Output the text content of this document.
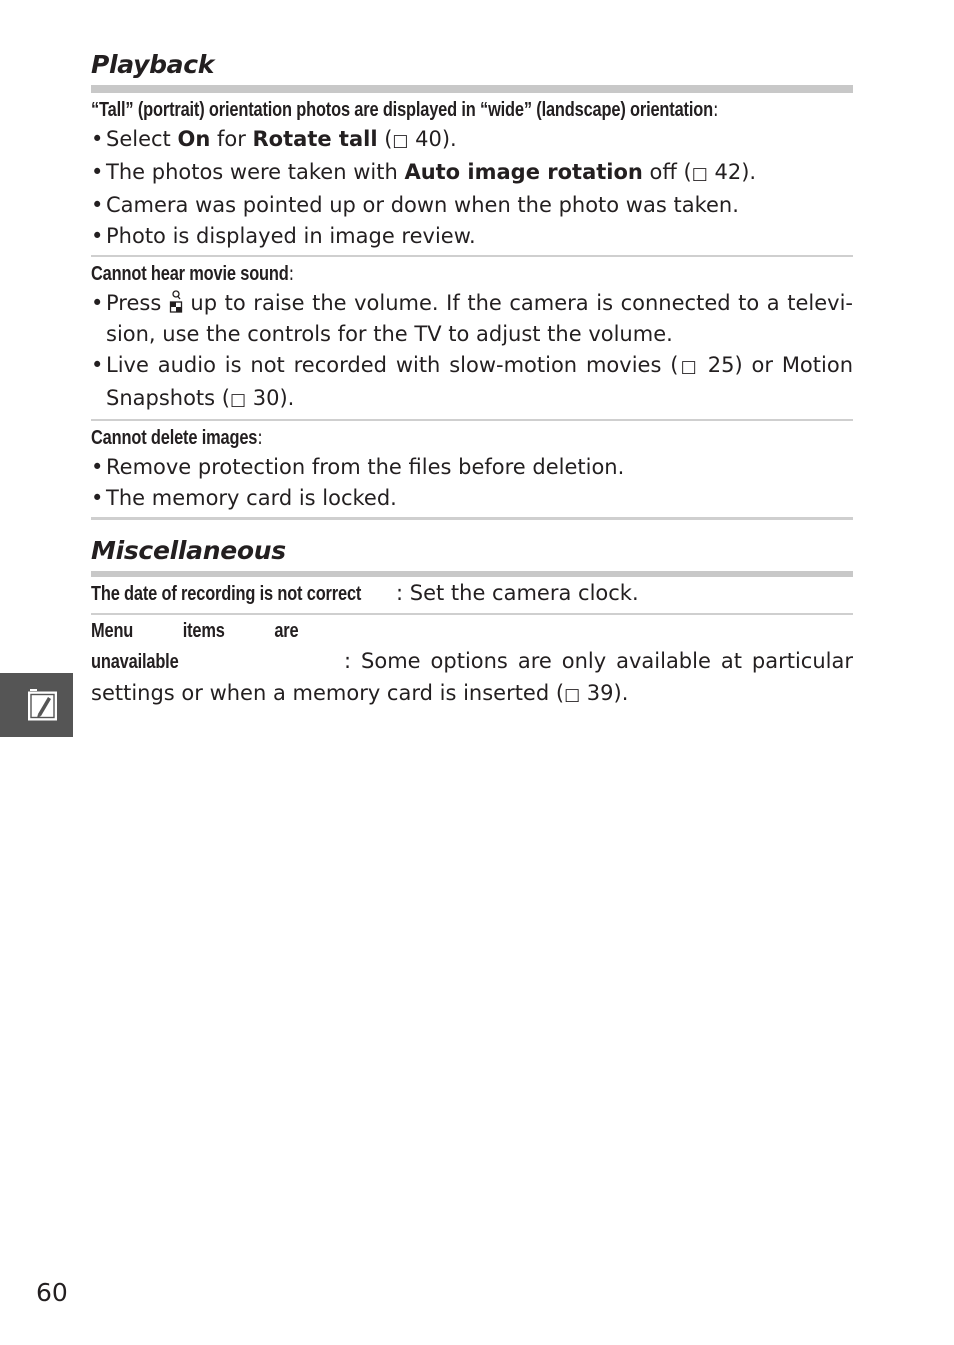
Playback
“Tall” (portrait) orientation photos are displayed in “wide” (landscape) orientation:
• Select On for Rotate tall (□ 40).
• The photos were taken with Auto image rotation off (□ 42).
• Camera was pointed up or down when the photo was taken.
• Photo is displayed in image review.
Cannot hear movie sound:
• Press  up to raise the volume. If the camera is connected to a televi-sion, use the controls for the TV to adjust the volume.
• Live audio is not recorded with slow-motion movies (□ 25) or Motion Snapshots (□ 30).
Cannot delete images:
• Remove protection from the files before deletion.
• The memory card is locked.
Miscellaneous
The date of recording is not correct : Set the camera clock.
Menu items are unavailable	: Some options are only available at particular settings or when a memory card is inserted (□ 39).
60
